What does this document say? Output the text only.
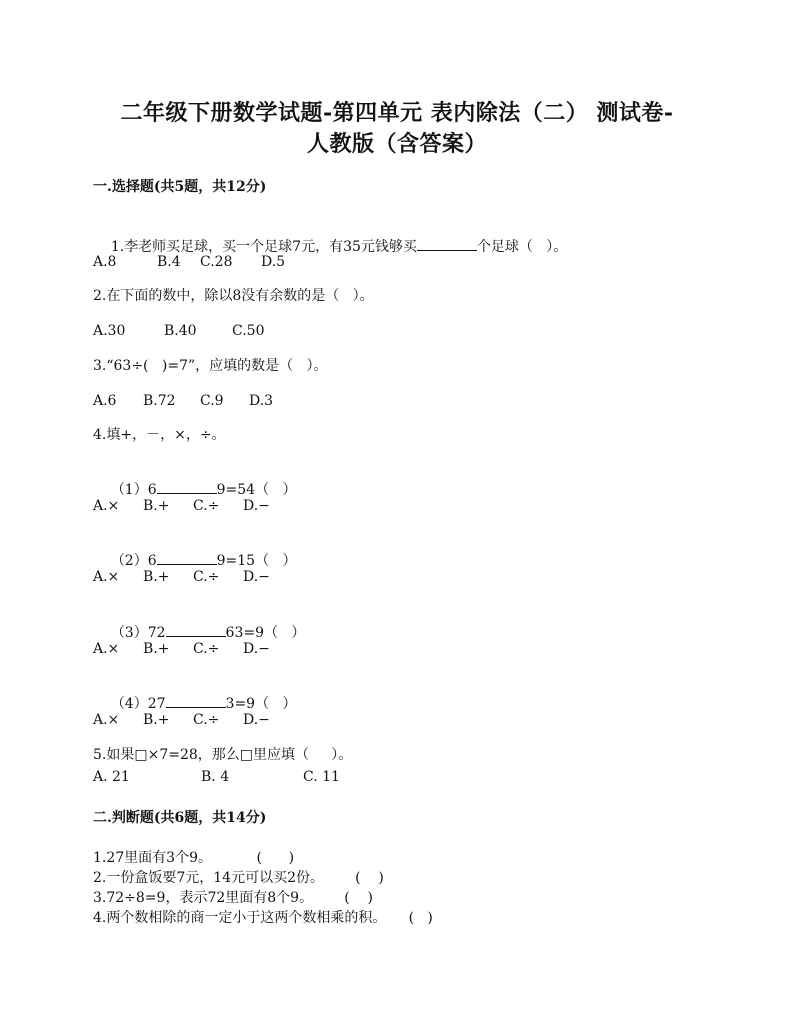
二年级下册数学试题-第四单元 表内除法（二） 测试卷-
人教版（含答案）
一.选择题(共5题，共12分)

1.李老师买足球，买一个足球7元，有35元钱够买	个足球（   ）。

A.8	B.4 C.28 D.5
2.在下面的数中，除以8没有余数的是（   ）。
A.30	B.40	C.50
3.“63÷(   )=7”，应填的数是（   ）。
A.6 B.72 C.9 D.3
4.填+，－，×，÷。

（1）6	9=54（   ）

A.× B.+ C.÷ D.−

（2）6	9=15（   ）

A.× B.+ C.÷ D.−

（3）72	63=9（   ）

A.× B.+ C.÷ D.−

（4）27	3=9（   ）

A.× B.+ C.÷ D.−
5.如果□×7=28，那么□里应填（     ）。
A. 21	B. 4	C. 11
二.判断题(共6题，共14分)
1.27里面有3个9。          (      )
2.一份盒饭要7元，14元可以买2份。       (    )
3.72÷8=9，表示72里面有8个9。       (    )
4.两个数相除的商一定小于这两个数相乘的积。     (   )
